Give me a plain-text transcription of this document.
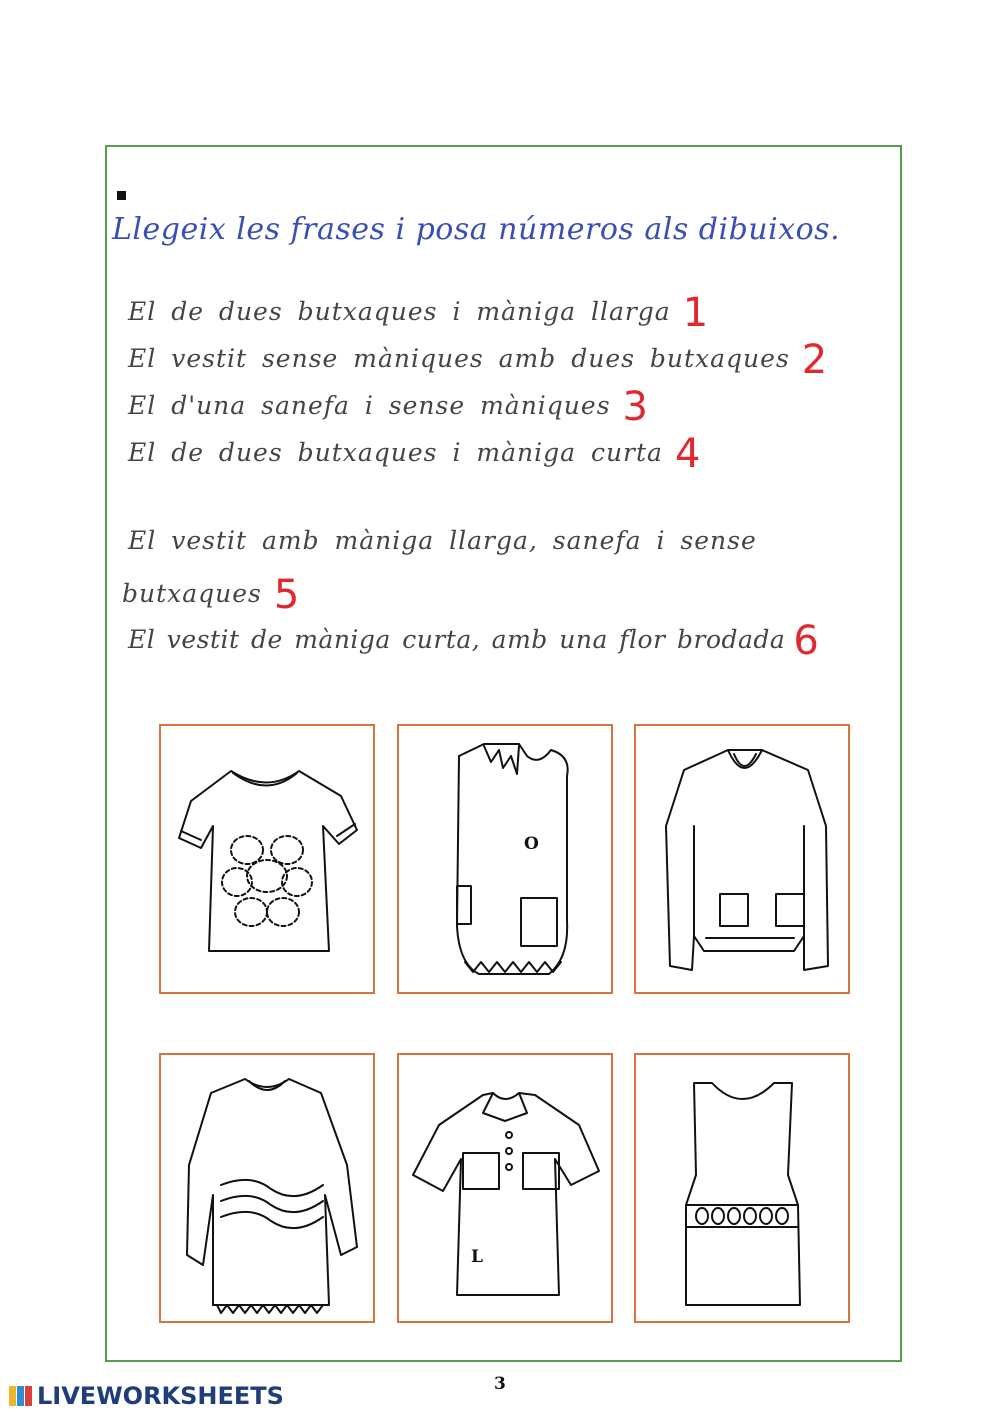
Llegeix les frases i posa números als dibuixos.
El de dues butxaques i màniga llarga 1
El vestit sense màniques amb dues butxaques 2
El d'una sanefa i sense màniques 3
El de dues butxaques i màniga curta 4
El vestit amb màniga llarga, sanefa i sense
butxaques 5
El vestit de màniga curta, amb una flor brodada 6
O
L
3
LIVEWORKSHEETS
